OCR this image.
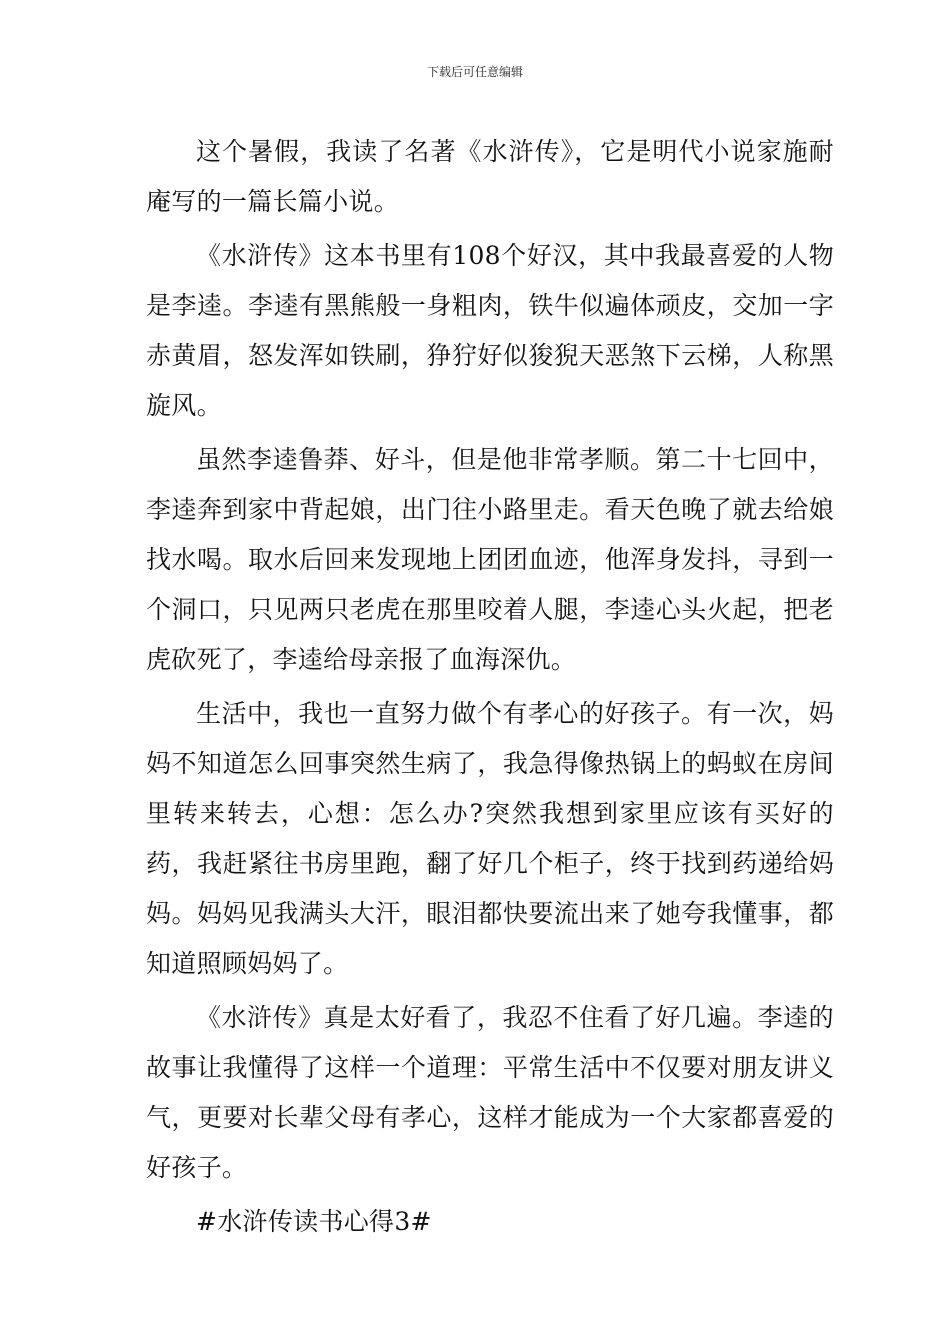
下载后可任意编辑

这个暑假，我读了名著《水浒传》，它是明代小说家施耐庵写的一篇长篇小说。

《水浒传》这本书里有108个好汉，其中我最喜爱的人物是李逵。李逵有黑熊般一身粗肉，铁牛似遍体顽皮，交加一字赤黄眉，怒发浑如铁刷，狰狞好似狻猊天恶煞下云梯，人称黑旋风。

虽然李逵鲁莽、好斗，但是他非常孝顺。第二十七回中，李逵奔到家中背起娘，出门往小路里走。看天色晚了就去给娘找水喝。取水后回来发现地上团团血迹，他浑身发抖，寻到一个洞口，只见两只老虎在那里咬着人腿，李逵心头火起，把老虎砍死了，李逵给母亲报了血海深仇。

生活中，我也一直努力做个有孝心的好孩子。有一次，妈妈不知道怎么回事突然生病了，我急得像热锅上的蚂蚁在房间里转来转去，心想：怎么办?突然我想到家里应该有买好的药，我赶紧往书房里跑，翻了好几个柜子，终于找到药递给妈妈。妈妈见我满头大汗，眼泪都快要流出来了她夸我懂事，都知道照顾妈妈了。

《水浒传》真是太好看了，我忍不住看了好几遍。李逵的故事让我懂得了这样一个道理：平常生活中不仅要对朋友讲义气，更要对长辈父母有孝心，这样才能成为一个大家都喜爱的好孩子。

#水浒传读书心得3#
